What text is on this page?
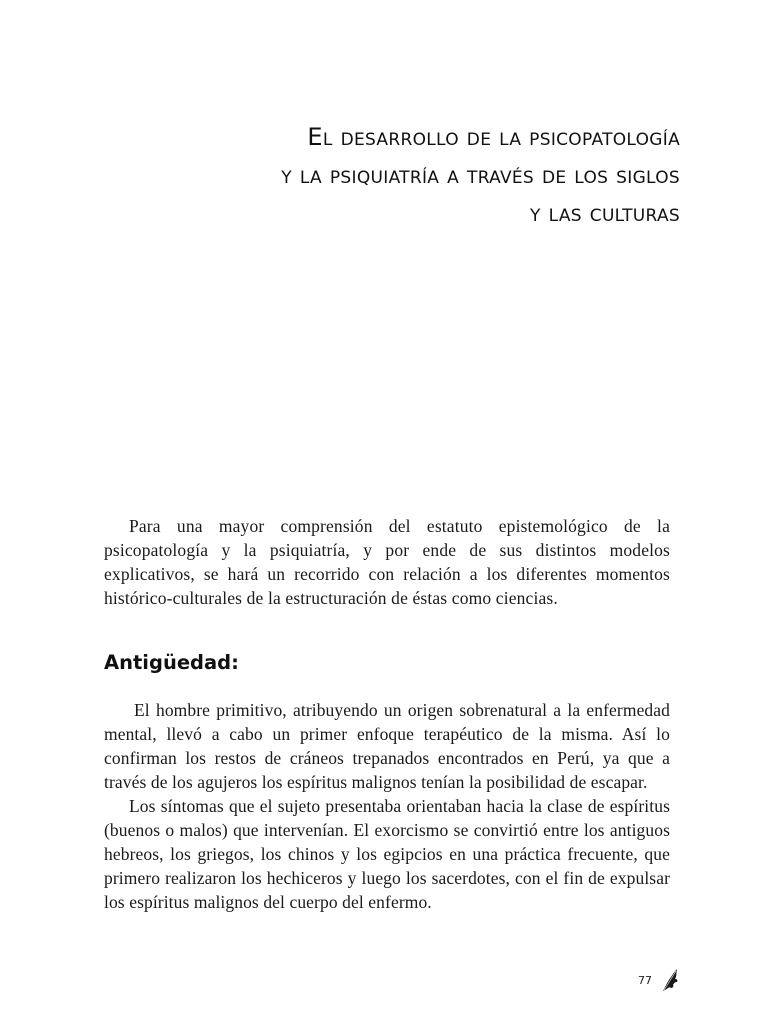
El desarrollo de la psicopatología
y la psiquiatría a través de los siglos
y las culturas

Para una mayor comprensión del estatuto epistemológico de la psicopatología y la psiquiatría, y por ende de sus distintos modelos explicativos, se hará un recorrido con relación a los diferentes momentos histórico-culturales de la estructuración de éstas como ciencias.

Antigüedad:

El hombre primitivo, atribuyendo un origen sobrenatural a la enfermedad mental, llevó a cabo un primer enfoque terapéutico de la misma. Así lo confirman los restos de cráneos trepanados encontrados en Perú, ya que a través de los agujeros los espíritus malignos tenían la posibilidad de escapar.

Los síntomas que el sujeto presentaba orientaban hacia la clase de espíritus (buenos o malos) que intervenían. El exorcismo se convirtió entre los antiguos hebreos, los griegos, los chinos y los egipcios en una práctica frecuente, que primero realizaron los hechiceros y luego los sacerdotes, con el fin de expulsar los espíritus malignos del cuerpo del enfermo.

77
